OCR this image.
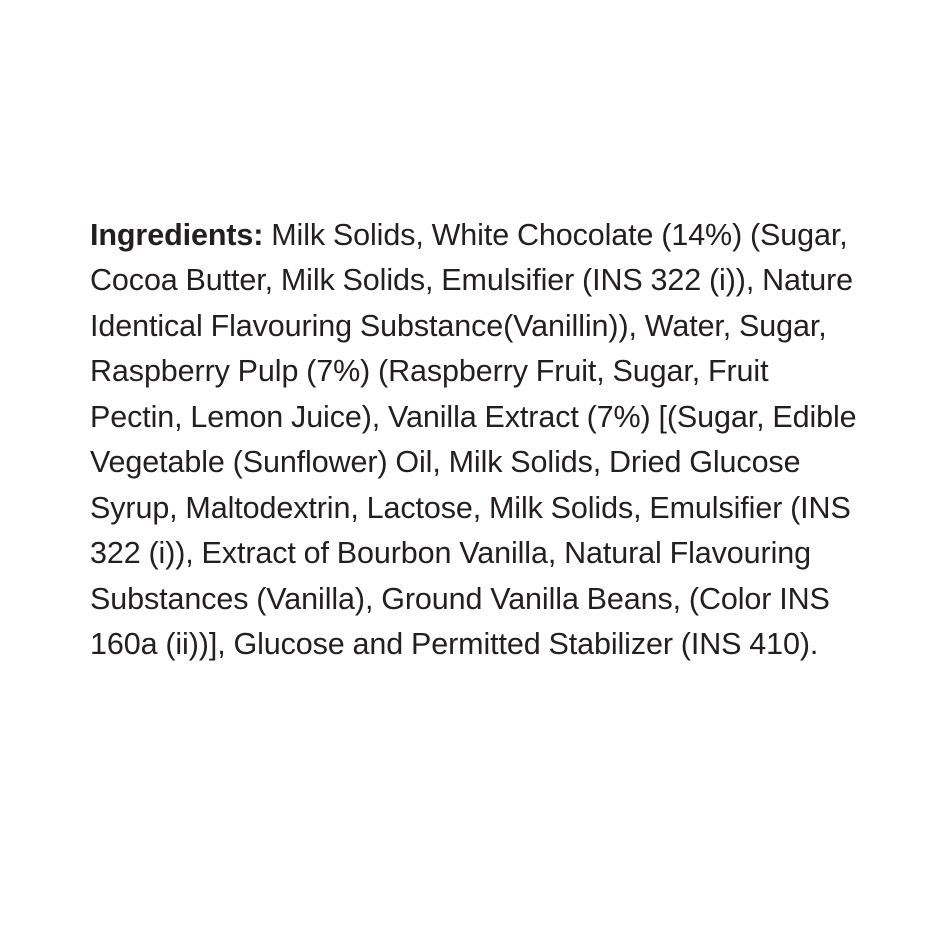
Ingredients: Milk Solids, White Chocolate (14%) (Sugar, Cocoa Butter, Milk Solids, Emulsifier (INS 322 (i)), Nature Identical Flavouring Substance(Vanillin)), Water, Sugar, Raspberry Pulp (7%) (Raspberry Fruit, Sugar, Fruit Pectin, Lemon Juice), Vanilla Extract (7%) [(Sugar, Edible Vegetable (Sunflower) Oil, Milk Solids, Dried Glucose Syrup, Maltodextrin, Lactose, Milk Solids, Emulsifier (INS 322 (i)), Extract of Bourbon Vanilla, Natural Flavouring Substances (Vanilla), Ground Vanilla Beans, (Color INS 160a (ii))], Glucose and Permitted Stabilizer (INS 410).
